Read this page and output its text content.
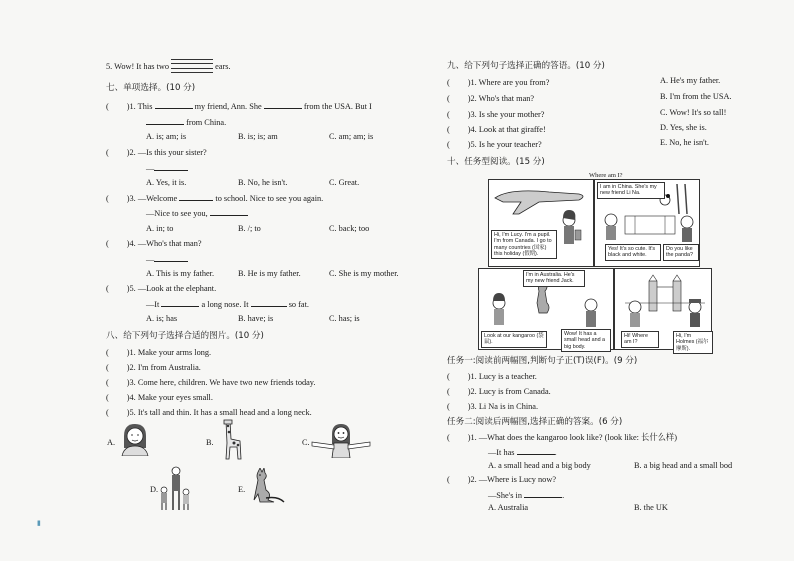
5. Wow! It has two	ears.
七、单项选择。(10 分)
( )1. This	my friend, Ann. She	from the USA. But I
from China.
A. is; am; is	B. is; is; am	C. am; am; is
( )2. —Is this your sister?
—
A. Yes, it is.	B. No, he isn't.	C. Great.
( )3. —Welcome	to school. Nice to see you again.
—Nice to see you,
A. in; to	B. /; to	C. back; too
( )4. —Who's that man?
—
A. This is my father.	B. He is my father.	C. She is my mother.
( )5. —Look at the elephant.
—It	a long nose. It	so fat.
A. is; has	B. have; is	C. has; is
八、给下列句子选择合适的图片。(10 分)
( )1. Make your arms long.
( )2. I'm from Australia.
( )3. Come here, children. We have two new friends today.
( )4. Make your eyes small.
( )5. It's tall and thin. It has a small head and a long neck.
A.	B.	C.
D.	E.
▮
九、给下列句子选择正确的答语。(10 分)
( )1. Where are you from?
( )2. Who's that man?
( )3. Is she your mother?
( )4. Look at that giraffe!
( )5. Is he your teacher?
A. He's my father.
B. I'm from the USA.
C. Wow! It's so tall!
D. Yes, she is.
E. No, he isn't.
十、任务型阅读。(15 分)
Where am I?
Hi, I'm Lucy. I'm a pupil. I'm from Canada. I go to many countries (国家) this holiday (假期).
I am in China. She's my new friend Li Na.
Yes! It's so cute. It's black and white.
Do you like the panda?
I'm in Australia. He's my new friend Jack.
Look at our kangaroo (袋鼠).
Wow! It has a small head and a big body.
Hi! Where am I?
Hi, I'm Holmes (福尔摩斯).
任务一:阅读前两幅图,判断句子正(T)误(F)。(9 分)
( )1. Lucy is a teacher.
( )2. Lucy is from Canada.
( )3. Li Na is in China.
任务二:阅读后两幅图,选择正确的答案。(6 分)
( )1. —What does the kangaroo look like? (look like: 长什么样)
—It has	.
A. a small head and a big body	B. a big head and a small bod
( )2. —Where is Lucy now?
—She's in	.
A. Australia	B. the UK
